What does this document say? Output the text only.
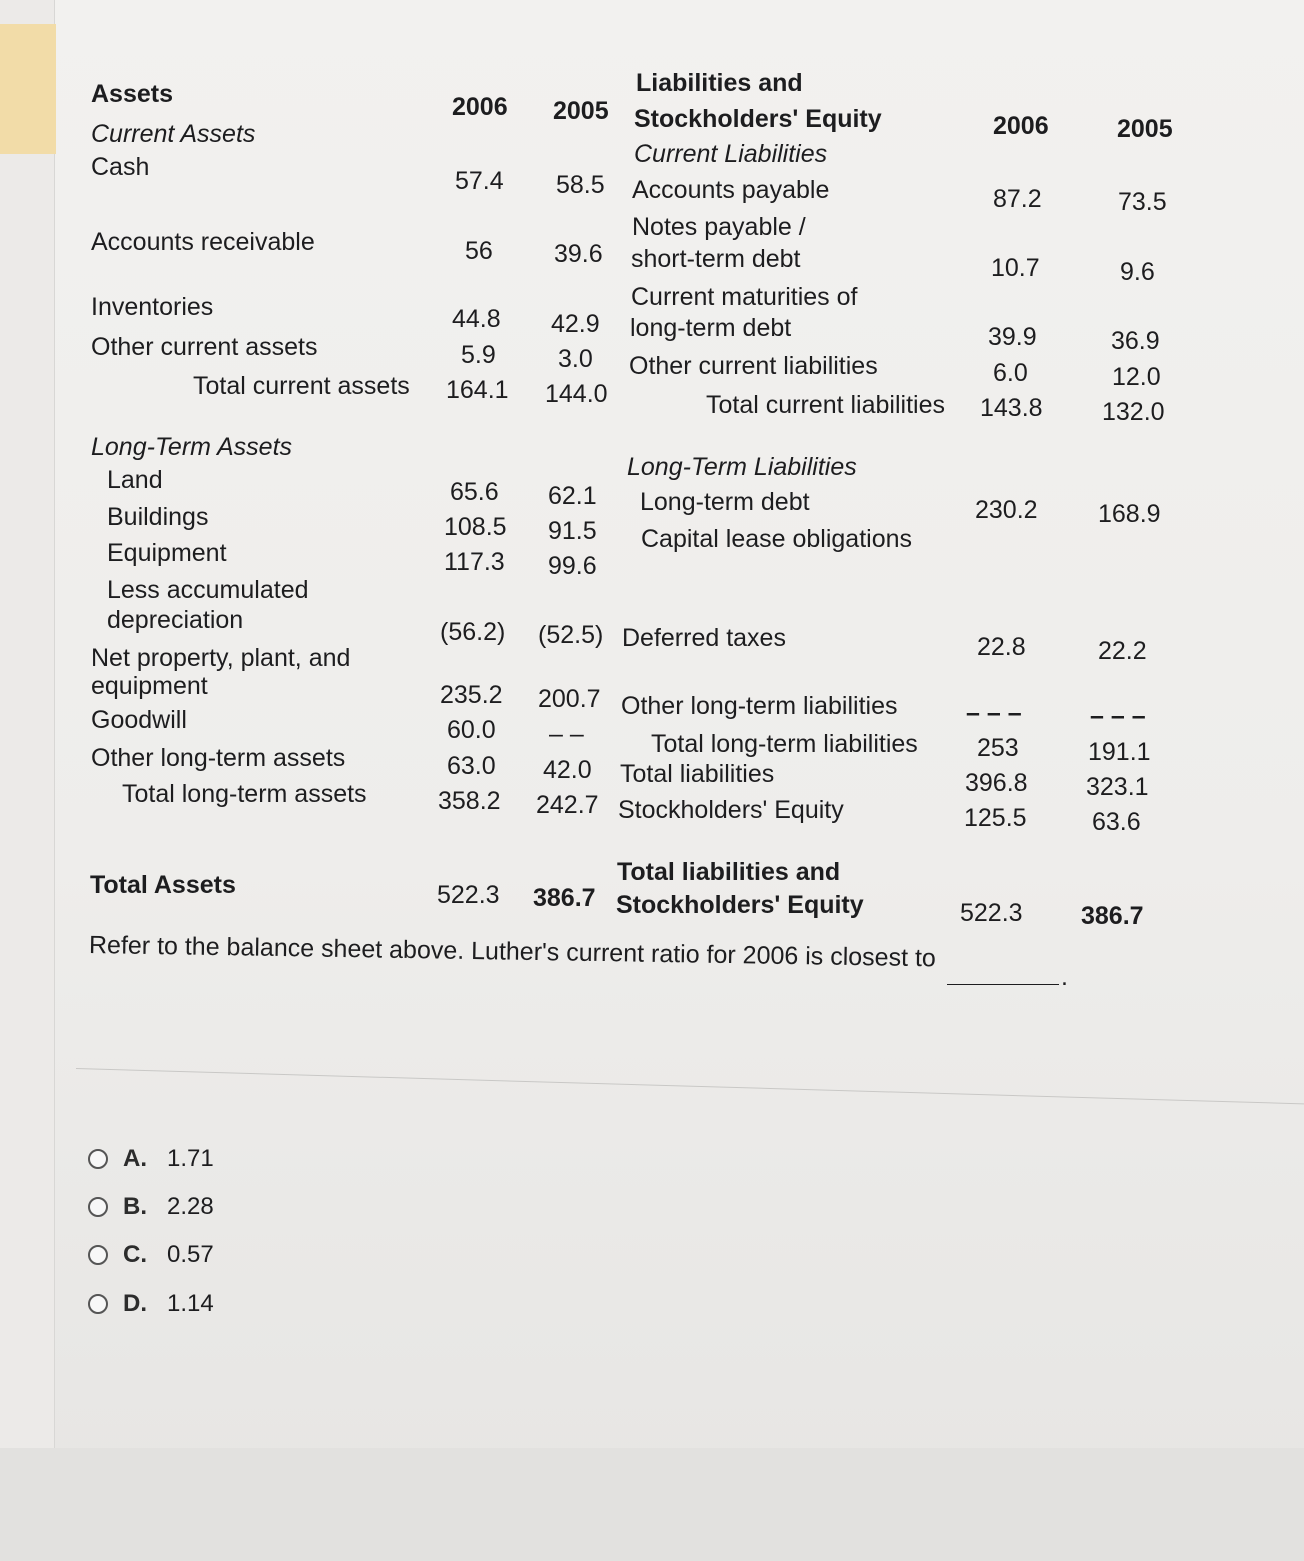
Assets	2006 2005
Current Assets
Cash	57.4 58.5
Accounts receivable	56 39.6
Inventories	44.8 42.9
Other current assets	5.9 3.0
Total current assets 164.1 144.0
Long-Term Assets
Land	65.6 62.1
Buildings	108.5 91.5
Equipment	117.3 99.6
Less accumulated
depreciation	(56.2) (52.5)
Net property, plant, and
equipment	235.2 200.7
Goodwill	60.0 – –
Other long-term assets	63.0 42.0
Total long-term assets	358.2 242.7
Total Assets	522.3 386.7
Liabilities and
Stockholders' Equity	2006	2005
Current Liabilities
Accounts payable	87.2	73.5
Notes payable /
short-term debt	10.7	9.6
Current maturities of
long-term debt	39.9	36.9
Other current liabilities	6.0	12.0
Total current liabilities 143.8 132.0
Long-Term Liabilities
Long-term debt	230.2 168.9
Capital lease obligations
Deferred taxes	22.8	22.2
Other long-term liabilities	– – –	– – –
Total long-term liabilities 253	191.1
Total liabilities	396.8 323.1
Stockholders' Equity	125.5	63.6
Total liabilities and
Stockholders' Equity	522.3 386.7
Refer to the balance sheet above. Luther's current ratio for 2006 is closest to
.
A. 1.71
B. 2.28
C. 0.57
D. 1.14
